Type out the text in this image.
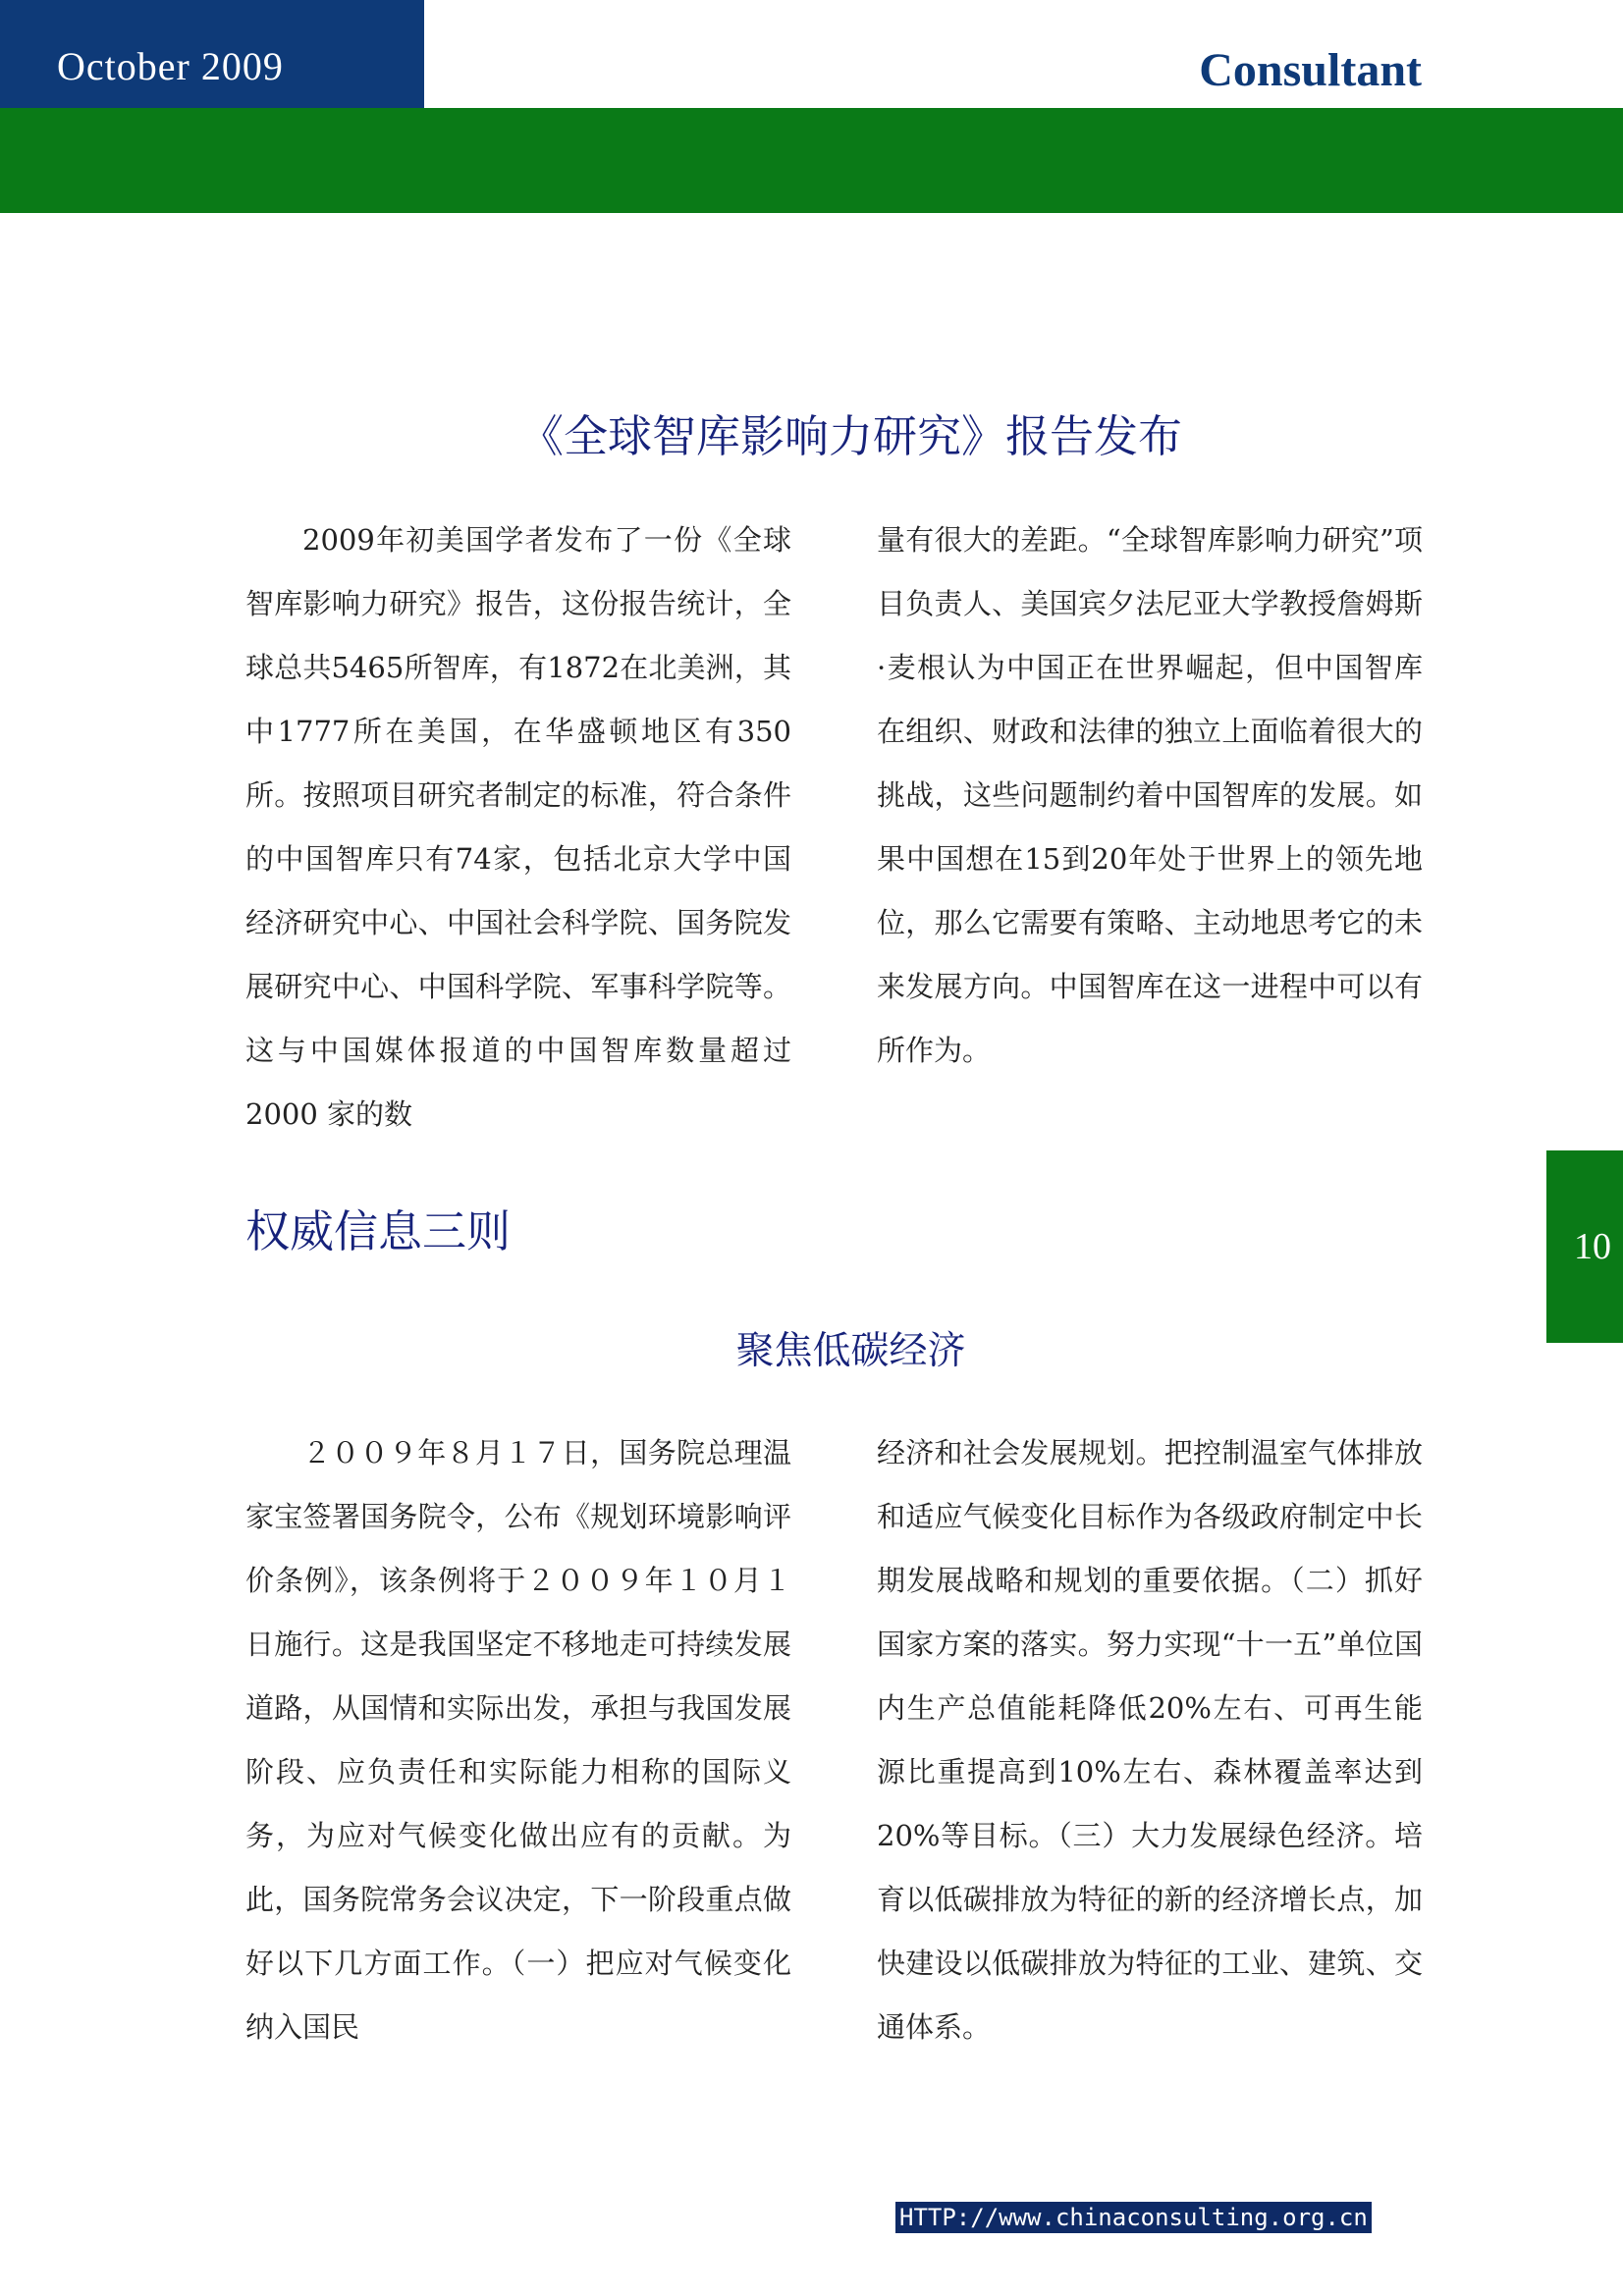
October 2009	Consultant
《全球智库影响力研究》报告发布

2009年初美国学者发布了一份《全球智库影响力研究》报告，这份报告统计，全球总共5465所智库，有1872在北美洲，其中1777所在美国，在华盛顿地区有350所。按照项目研究者制定的标准，符合条件的中国智库只有74家，包括北京大学中国经济研究中心、中国社会科学院、国务院发展研究中心、中国科学院、军事科学院等。这与中国媒体报道的中国智库数量超过 2000 家的数

量有很大的差距。“全球智库影响力研究”项目负责人、美国宾夕法尼亚大学教授詹姆斯·麦根认为中国正在世界崛起，但中国智库在组织、财政和法律的独立上面临着很大的挑战，这些问题制约着中国智库的发展。如果中国想在15到20年处于世界上的领先地位，那么它需要有策略、主动地思考它的未来发展方向。中国智库在这一进程中可以有所作为。

权威信息三则
聚焦低碳经济

２００９年８月１７日，国务院总理温家宝签署国务院令，公布《规划环境影响评价条例》，该条例将于２００９年１０月１日施行。这是我国坚定不移地走可持续发展道路，从国情和实际出发，承担与我国发展阶段、应负责任和实际能力相称的国际义务，为应对气候变化做出应有的贡献。为此，国务院常务会议决定，下一阶段重点做好以下几方面工作。（一）把应对气候变化纳入国民

经济和社会发展规划。把控制温室气体排放和适应气候变化目标作为各级政府制定中长期发展战略和规划的重要依据。（二）抓好国家方案的落实。努力实现“十一五”单位国内生产总值能耗降低20%左右、可再生能源比重提高到10%左右、森林覆盖率达到20%等目标。（三）大力发展绿色经济。培育以低碳排放为特征的新的经济增长点，加快建设以低碳排放为特征的工业、建筑、交通体系。

10
HTTP://www.chinaconsulting.org.cn
